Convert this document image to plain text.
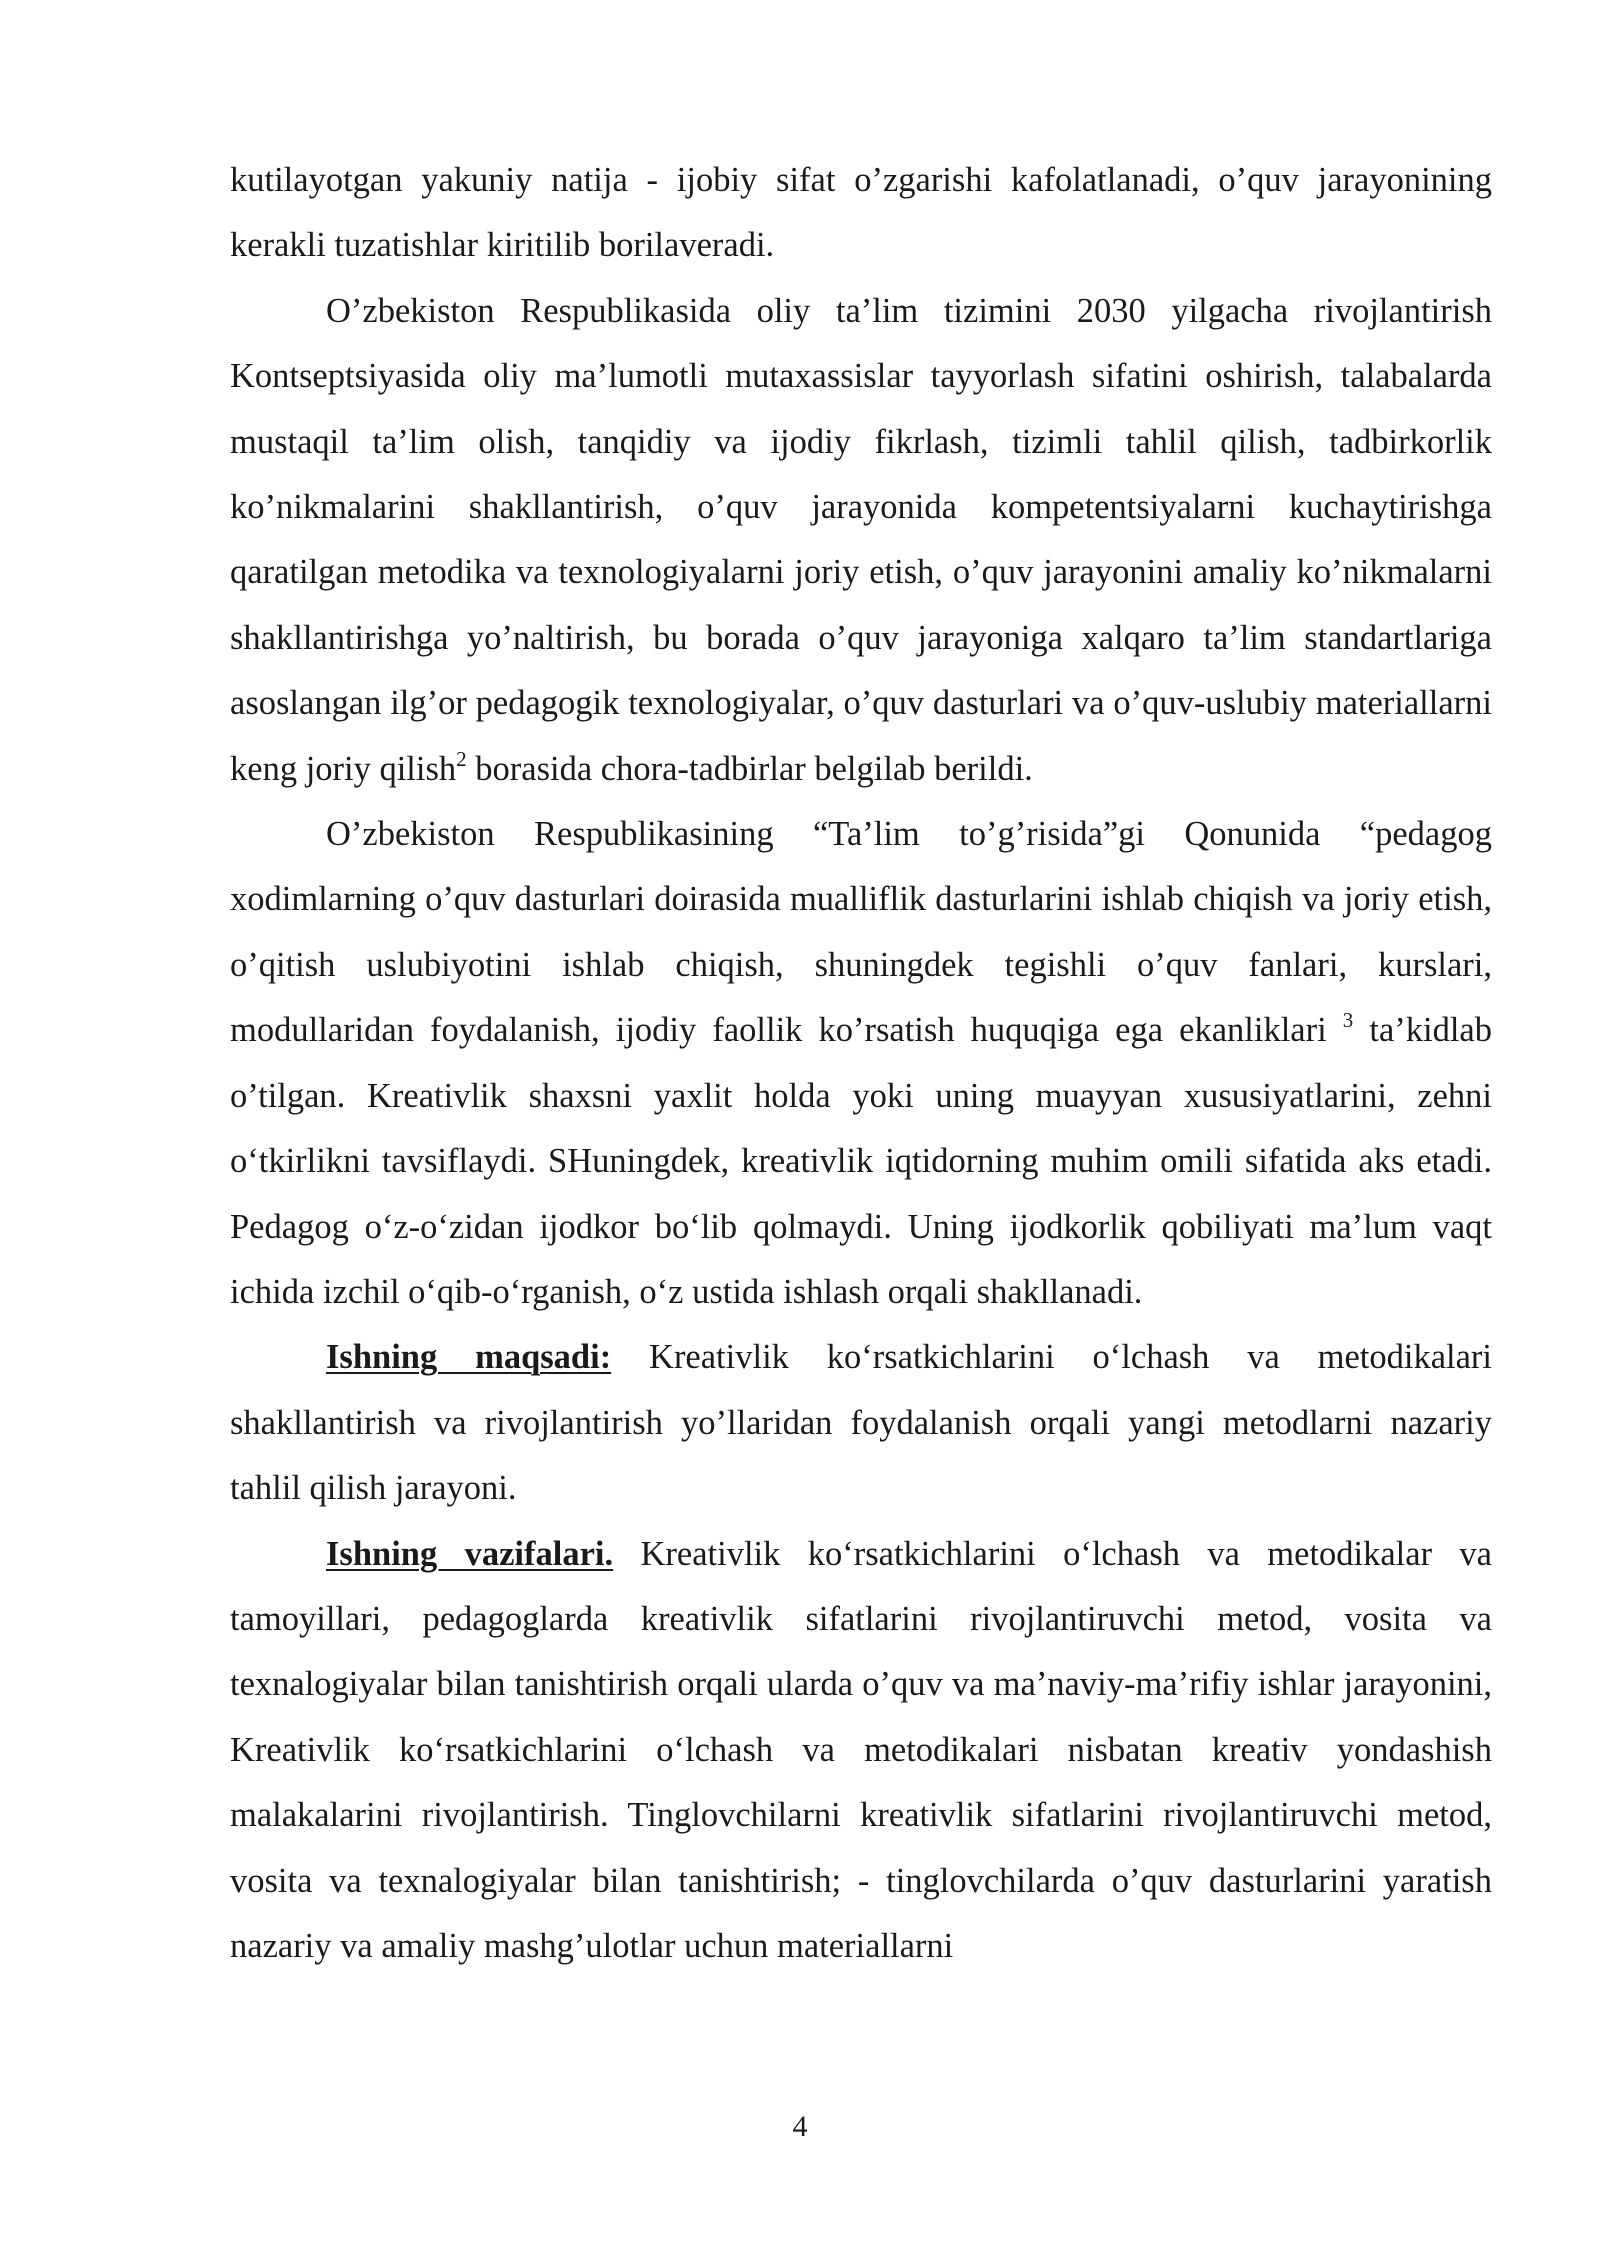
kutilayotgan yakuniy natija - ijobiy sifat o’zgarishi kafolatlanadi, o’quv jarayonining kerakli tuzatishlar kiritilib borilaveradi.

O’zbekiston Respublikasida oliy ta’lim tizimini 2030 yilgacha rivojlantirish Kontseptsiyasida oliy ma’lumotli mutaxassislar tayyorlash sifatini oshirish, talabalarda mustaqil ta’lim olish, tanqidiy va ijodiy fikrlash, tizimli tahlil qilish, tadbirkorlik ko’nikmalarini shakllantirish, o’quv jarayonida kompetentsiyalarni kuchaytirishga qaratilgan metodika va texnologiyalarni joriy etish, o’quv jarayonini amaliy ko’nikmalarni shakllantirishga yo’naltirish, bu borada o’quv jarayoniga xalqaro ta’lim standartlariga asoslangan ilg’or pedagogik texnologiyalar, o’quv dasturlari va o’quv-uslubiy materiallarni keng joriy qilish$^2$ borasida chora-tadbirlar belgilab berildi.

O’zbekiston Respublikasining “Ta’lim to’g’risida”gi Qonunida “pedagog xodimlarning o’quv dasturlari doirasida mualliflik dasturlarini ishlab chiqish va joriy etish, o’qitish uslubiyotini ishlab chiqish, shuningdek tegishli o’quv fanlari, kurslari, modullaridan foydalanish, ijodiy faollik ko’rsatish huquqiga ega ekanliklari $^3$ ta’kidlab o’tilgan. Kreativlik shaxsni yaxlit holda yoki uning muayyan xususiyatlarini, zehni oʻtkirlikni tavsiflaydi. SHuningdek, kreativlik iqtidorning muhim omili sifatida aks etadi. Pedagog oʻz-oʻzidan ijodkor boʻlib qolmaydi. Uning ijodkorlik qobiliyati ma’lum vaqt ichida izchil oʻqib-oʻrganish, oʻz ustida ishlash orqali shakllanadi.

Ishning maqsadi: Kreativlik koʻrsatkichlarini oʻlchash va metodikalari shakllantirish va rivojlantirish yo’llaridan foydalanish orqali yangi metodlarni nazariy tahlil qilish jarayoni.

Ishning vazifalari. Kreativlik koʻrsatkichlarini oʻlchash va metodikalar va tamoyillari, pedagoglarda kreativlik sifatlarini rivojlantiruvchi metod, vosita va texnalogiyalar bilan tanishtirish orqali ularda o’quv va ma’naviy-ma’rifiy ishlar jarayonini, Kreativlik koʻrsatkichlarini oʻlchash va metodikalari nisbatan kreativ yondashish malakalarini rivojlantirish. Tinglovchilarni kreativlik sifatlarini rivojlantiruvchi metod, vosita va texnalogiyalar bilan tanishtirish; - tinglovchilarda o’quv dasturlarini yaratish nazariy va amaliy mashg’ulotlar uchun materiallarni

4
